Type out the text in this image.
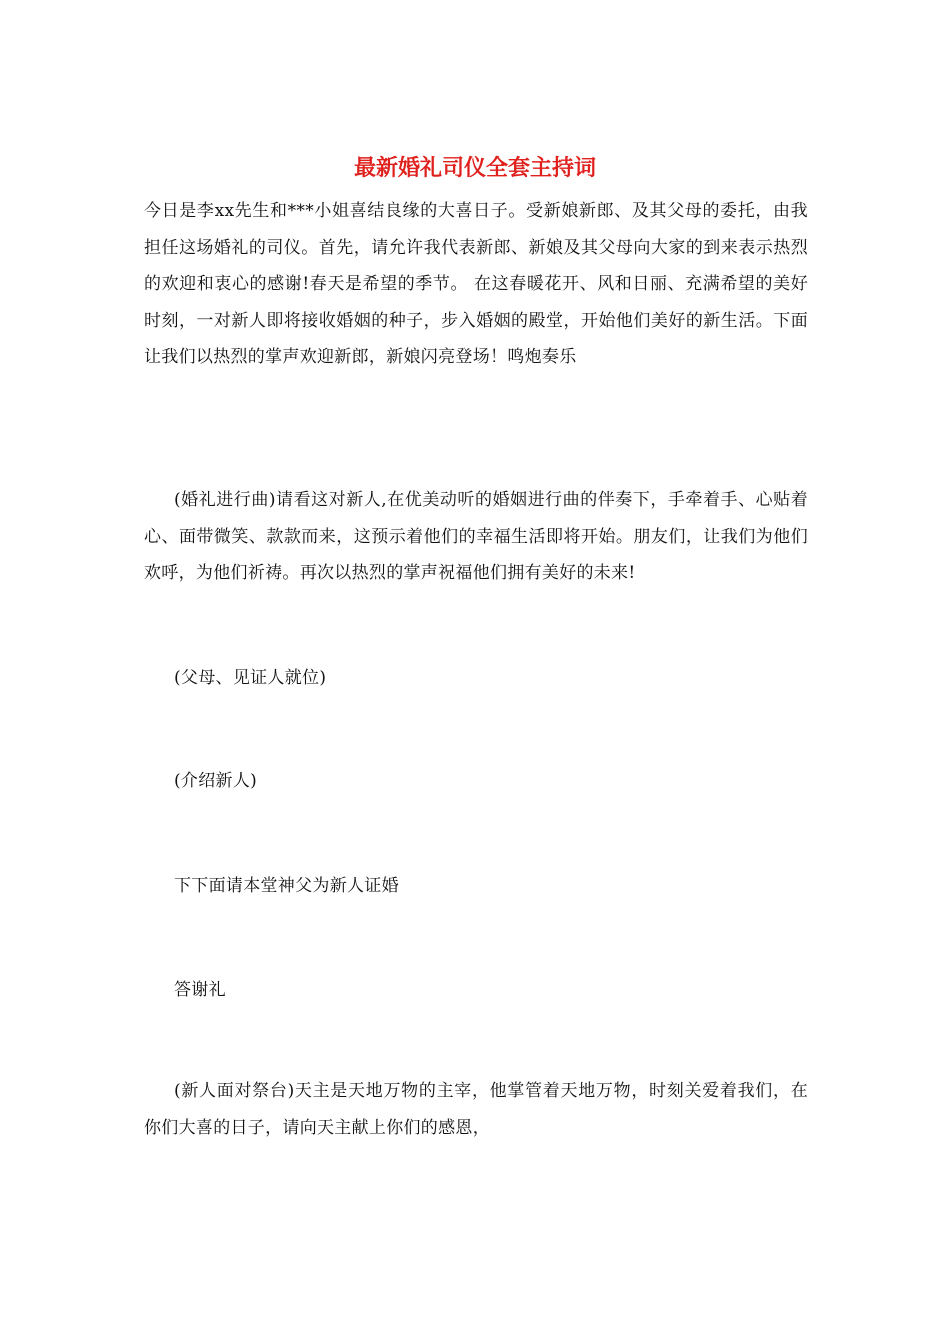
最新婚礼司仪全套主持词

今日是李xx先生和***小姐喜结良缘的大喜日子。受新娘新郎、及其父母的委托，由我担任这场婚礼的司仪。首先，请允许我代表新郎、新娘及其父母向大家的到来表示热烈的欢迎和衷心的感谢!春天是希望的季节。 在这春暖花开、风和日丽、充满希望的美好时刻，一对新人即将接收婚姻的种子，步入婚姻的殿堂，开始他们美好的新生活。下面让我们以热烈的掌声欢迎新郎，新娘闪亮登场！鸣炮奏乐

(婚礼进行曲)请看这对新人,在优美动听的婚姻进行曲的伴奏下，手牵着手、心贴着心、面带微笑、款款而来，这预示着他们的幸福生活即将开始。朋友们，让我们为他们欢呼，为他们祈祷。再次以热烈的掌声祝福他们拥有美好的未来!

(父母、见证人就位)

(介绍新人)

下下面请本堂神父为新人证婚

答谢礼

(新人面对祭台)天主是天地万物的主宰，他掌管着天地万物，时刻关爱着我们，在你们大喜的日子，请向天主献上你们的感恩，
